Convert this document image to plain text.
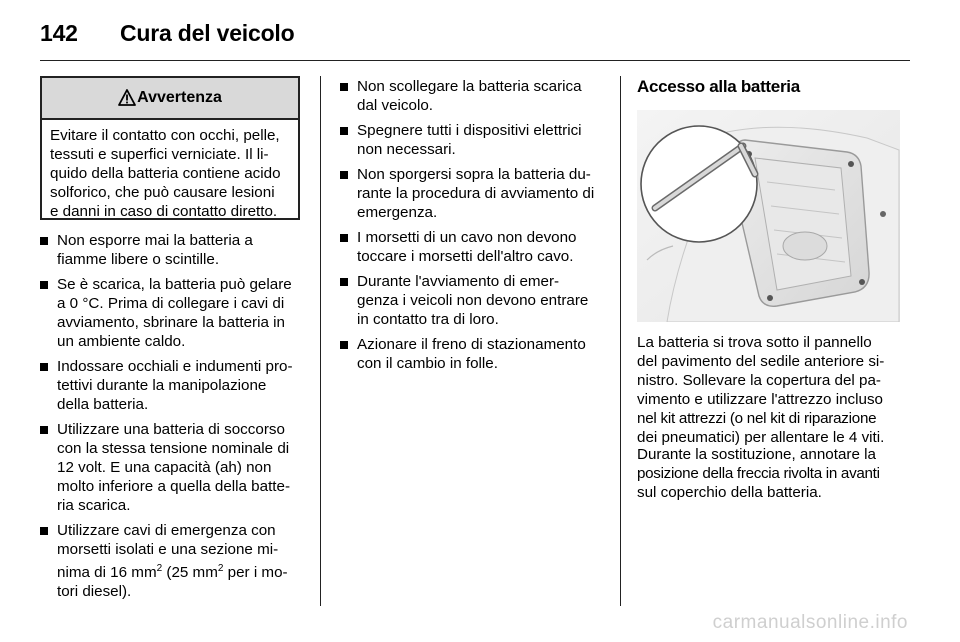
142 Cura del veicolo
Avvertenza
Evitare il contatto con occhi, pelle,
tessuti e superfici verniciate. Il li-
quido della batteria contiene acido
solforico, che può causare lesioni
e danni in caso di contatto diretto.
Non esporre mai la batteria a
fiamme libere o scintille.
Se è scarica, la batteria può gelare
a 0 °C. Prima di collegare i cavi di
avviamento, sbrinare la batteria in
un ambiente caldo.
Indossare occhiali e indumenti pro-
tettivi durante la manipolazione
della batteria.
Utilizzare una batteria di soccorso
con la stessa tensione nominale di
12 volt. E una capacità (ah) non
molto inferiore a quella della batte-
ria scarica.
Utilizzare cavi di emergenza con
morsetti isolati e una sezione mi-
nima di 16 $mm^2$ (25 $mm^2$ per i mo-
tori diesel).
Non scollegare la batteria scarica
dal veicolo.
Spegnere tutti i dispositivi elettrici
non necessari.
Non sporgersi sopra la batteria du-
rante la procedura di avviamento di
emergenza.
I morsetti di un cavo non devono
toccare i morsetti dell'altro cavo.
Durante l'avviamento di emer-
genza i veicoli non devono entrare
in contatto tra di loro.
Azionare il freno di stazionamento
con il cambio in folle.
Accesso alla batteria

La batteria si trova sotto il pannello
del pavimento del sedile anteriore si-
nistro. Sollevare la copertura del pa-
vimento e utilizzare l'attrezzo incluso
nel kit attrezzi (o nel kit di riparazione
dei pneumatici) per allentare le 4 viti.

Durante la sostituzione, annotare la
posizione della freccia rivolta in avanti
sul coperchio della batteria.

carmanualsonline.info
